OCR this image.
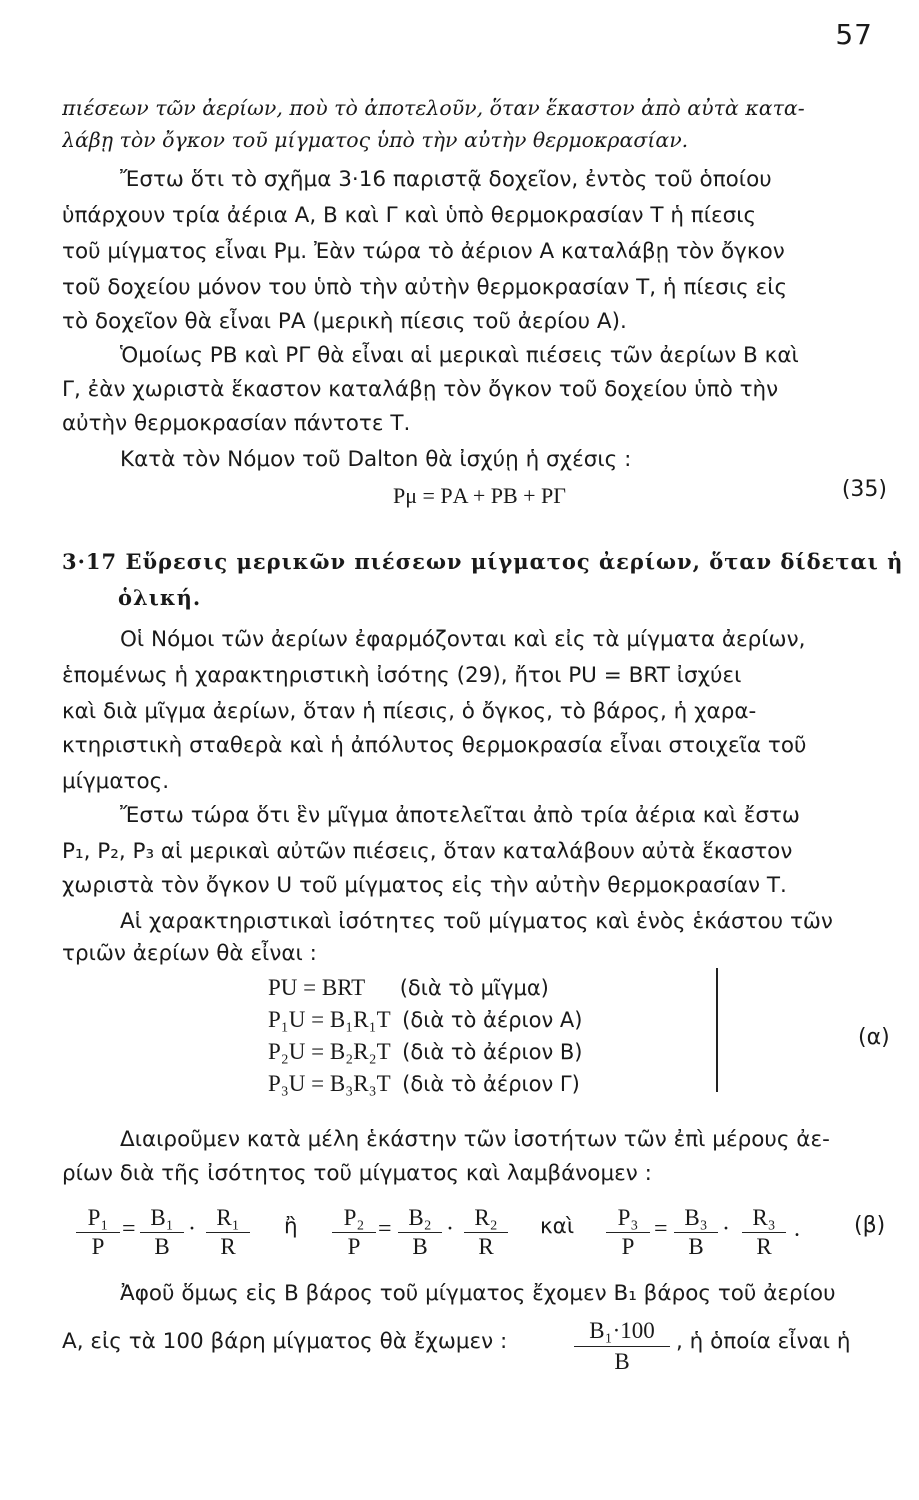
57
πιέσεων τῶν ἀερίων, ποὺ τὸ ἀποτελοῦν, ὅταν ἕκαστον ἀπὸ αὐτὰ κατα-
λάβῃ τὸν ὄγκον τοῦ μίγματος ὑπὸ τὴν αὐτὴν θερμοκρασίαν.
Ἔστω ὅτι τὸ σχῆμα 3·16 παριστᾷ δοχεῖον, ἐντὸς τοῦ ὁποίου
ὑπάρχουν τρία ἀέρια Α, Β καὶ Γ καὶ ὑπὸ θερμοκρασίαν Τ ἡ πίεσις
τοῦ μίγματος εἶναι Pμ. Ἐὰν τώρα τὸ ἀέριον Α καταλάβῃ τὸν ὄγκον
τοῦ δοχείου μόνον του ὑπὸ τὴν αὐτὴν θερμοκρασίαν Τ, ἡ πίεσις εἰς
τὸ δοχεῖον θὰ εἶναι PΑ (μερικὴ πίεσις τοῦ ἀερίου Α).
Ὁμοίως PΒ καὶ PΓ θὰ εἶναι αἱ μερικαὶ πιέσεις τῶν ἀερίων Β καὶ
Γ, ἐὰν χωριστὰ ἕκαστον καταλάβῃ τὸν ὄγκον τοῦ δοχείου ὑπὸ τὴν
αὐτὴν θερμοκρασίαν πάντοτε Τ.
Κατὰ τὸν Νόμον τοῦ Dalton θὰ ἰσχύῃ ἡ σχέσις :
Pμ = PΑ + PΒ + PΓ	(35)
3·17 Εὕρεσις μερικῶν πιέσεων μίγματος ἀερίων, ὅταν δίδεται ἡ
ὁλική.
Οἱ Νόμοι τῶν ἀερίων ἐφαρμόζονται καὶ εἰς τὰ μίγματα ἀερίων,
ἑπομένως ἡ χαρακτηριστικὴ ἰσότης (29), ἤτοι PU = BRT ἰσχύει
καὶ διὰ μῖγμα ἀερίων, ὅταν ἡ πίεσις, ὁ ὄγκος, τὸ βάρος, ἡ χαρα-
κτηριστικὴ σταθερὰ καὶ ἡ ἀπόλυτος θερμοκρασία εἶναι στοιχεῖα τοῦ
μίγματος.
Ἔστω τώρα ὅτι ἓν μῖγμα ἀποτελεῖται ἀπὸ τρία ἀέρια καὶ ἔστω
P₁, P₂, P₃ αἱ μερικαὶ αὐτῶν πιέσεις, ὅταν καταλάβουν αὐτὰ ἕκαστον
χωριστὰ τὸν ὄγκον U τοῦ μίγματος εἰς τὴν αὐτὴν θερμοκρασίαν Τ.
Αἱ χαρακτηριστικαὶ ἰσότητες τοῦ μίγματος καὶ ἑνὸς ἑκάστου τῶν
τριῶν ἀερίων θὰ εἶναι :
PU = BRT (διὰ τὸ μῖγμα)
P₁U = B₁R₁T (διὰ τὸ ἀέριον Α)
P₂U = B₂R₂T (διὰ τὸ ἀέριον Β)
P₃U = B₃R₃T (διὰ τὸ ἀέριον Γ)
(α)
Διαιροῦμεν κατὰ μέλη ἑκάστην τῶν ἰσοτήτων τῶν ἐπὶ μέρους ἀε-
ρίων διὰ τῆς ἰσότητος τοῦ μίγματος καὶ λαμβάνομεν :
$\frac{\text{P₁}}{P} = \frac{\text{B₁}}{B} \cdot \frac{\text{R₁}}{R}$ ἢ $\frac{\text{P₂}}{P} = \frac{\text{B₂}}{B} \cdot \frac{\text{R₂}}{R}$ καὶ $\frac{\text{P₃}}{P} = \frac{\text{B₃}}{B} \cdot \frac{\text{R₃}}{R}$ . (β)
Ἀφοῦ ὅμως εἰς Β βάρος τοῦ μίγματος ἔχομεν B₁ βάρος τοῦ ἀερίου
Α, εἰς τὰ 100 βάρη μίγματος θὰ ἔχωμεν :	$\frac{\text{B₁·100}}{B}$ , ἡ ὁποία εἶναι ἡ
